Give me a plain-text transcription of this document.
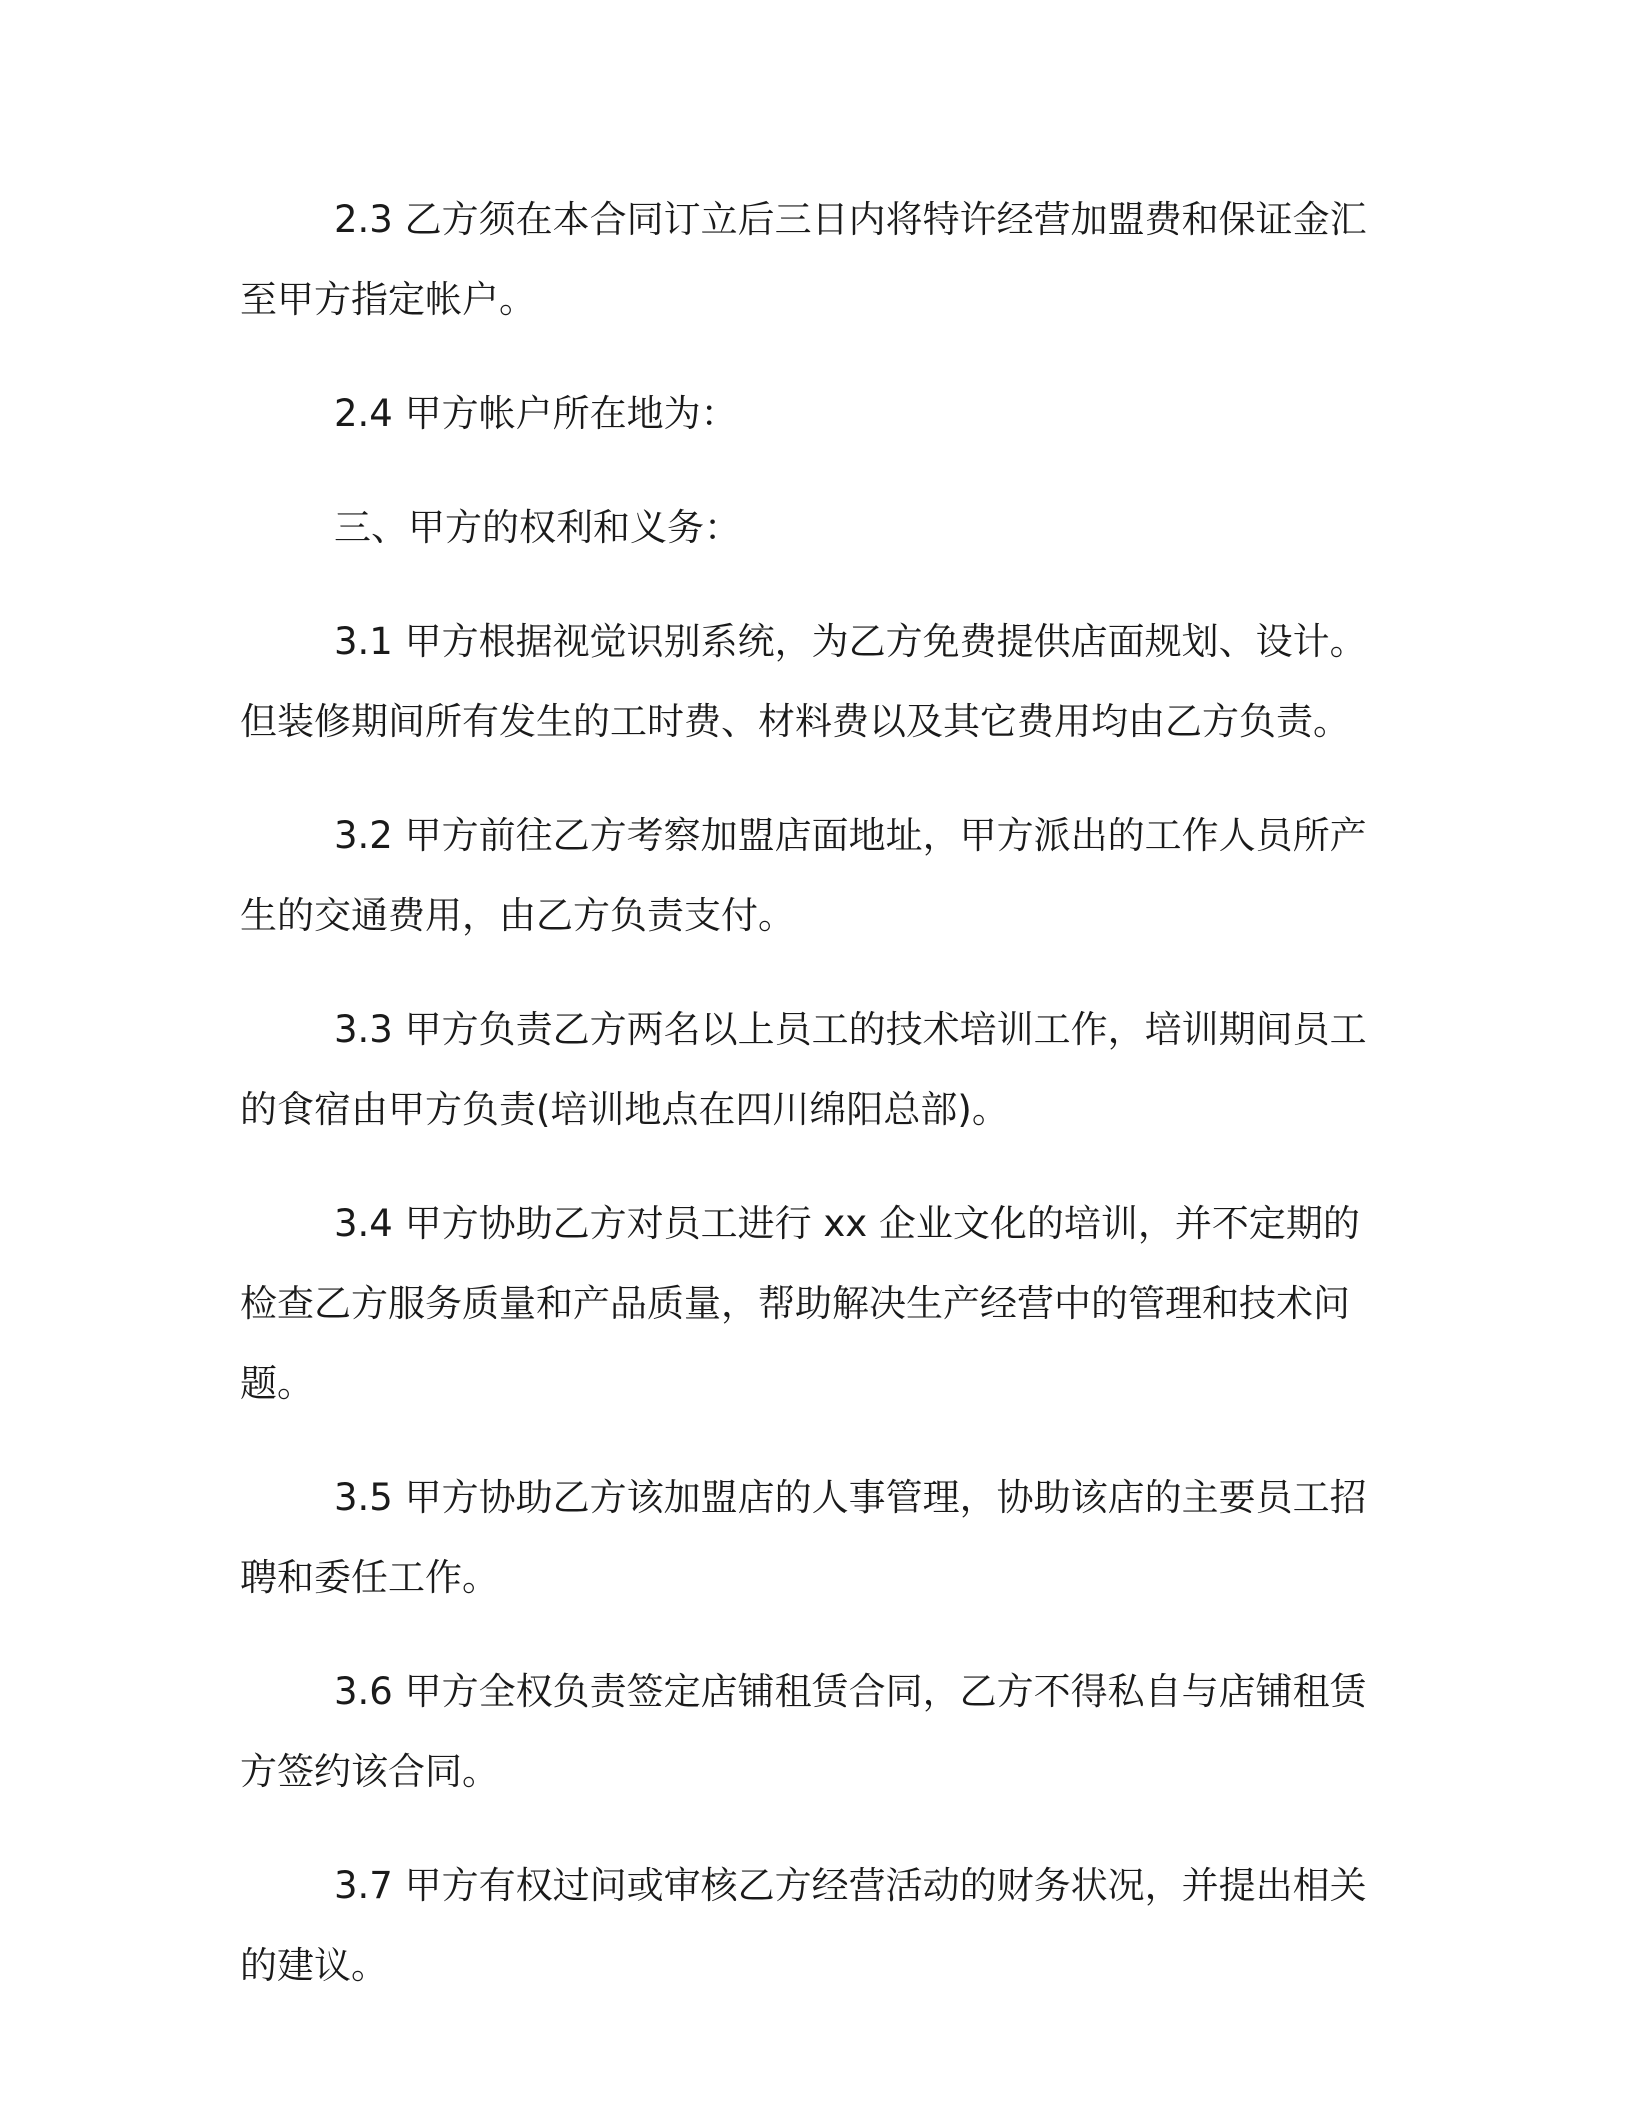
2.3 乙方须在本合同订立后三日内将特许经营加盟费和保证金汇至甲方指定帐户。

2.4 甲方帐户所在地为：

三、甲方的权利和义务：

3.1 甲方根据视觉识别系统，为乙方免费提供店面规划、设计。但装修期间所有发生的工时费、材料费以及其它费用均由乙方负责。

3.2 甲方前往乙方考察加盟店面地址，甲方派出的工作人员所产生的交通费用，由乙方负责支付。

3.3 甲方负责乙方两名以上员工的技术培训工作，培训期间员工的食宿由甲方负责(培训地点在四川绵阳总部)。

3.4 甲方协助乙方对员工进行 xx 企业文化的培训，并不定期的检查乙方服务质量和产品质量，帮助解决生产经营中的管理和技术问题。

3.5 甲方协助乙方该加盟店的人事管理，协助该店的主要员工招聘和委任工作。

3.6 甲方全权负责签定店铺租赁合同，乙方不得私自与店铺租赁方签约该合同。

3.7 甲方有权过问或审核乙方经营活动的财务状况，并提出相关的建议。
